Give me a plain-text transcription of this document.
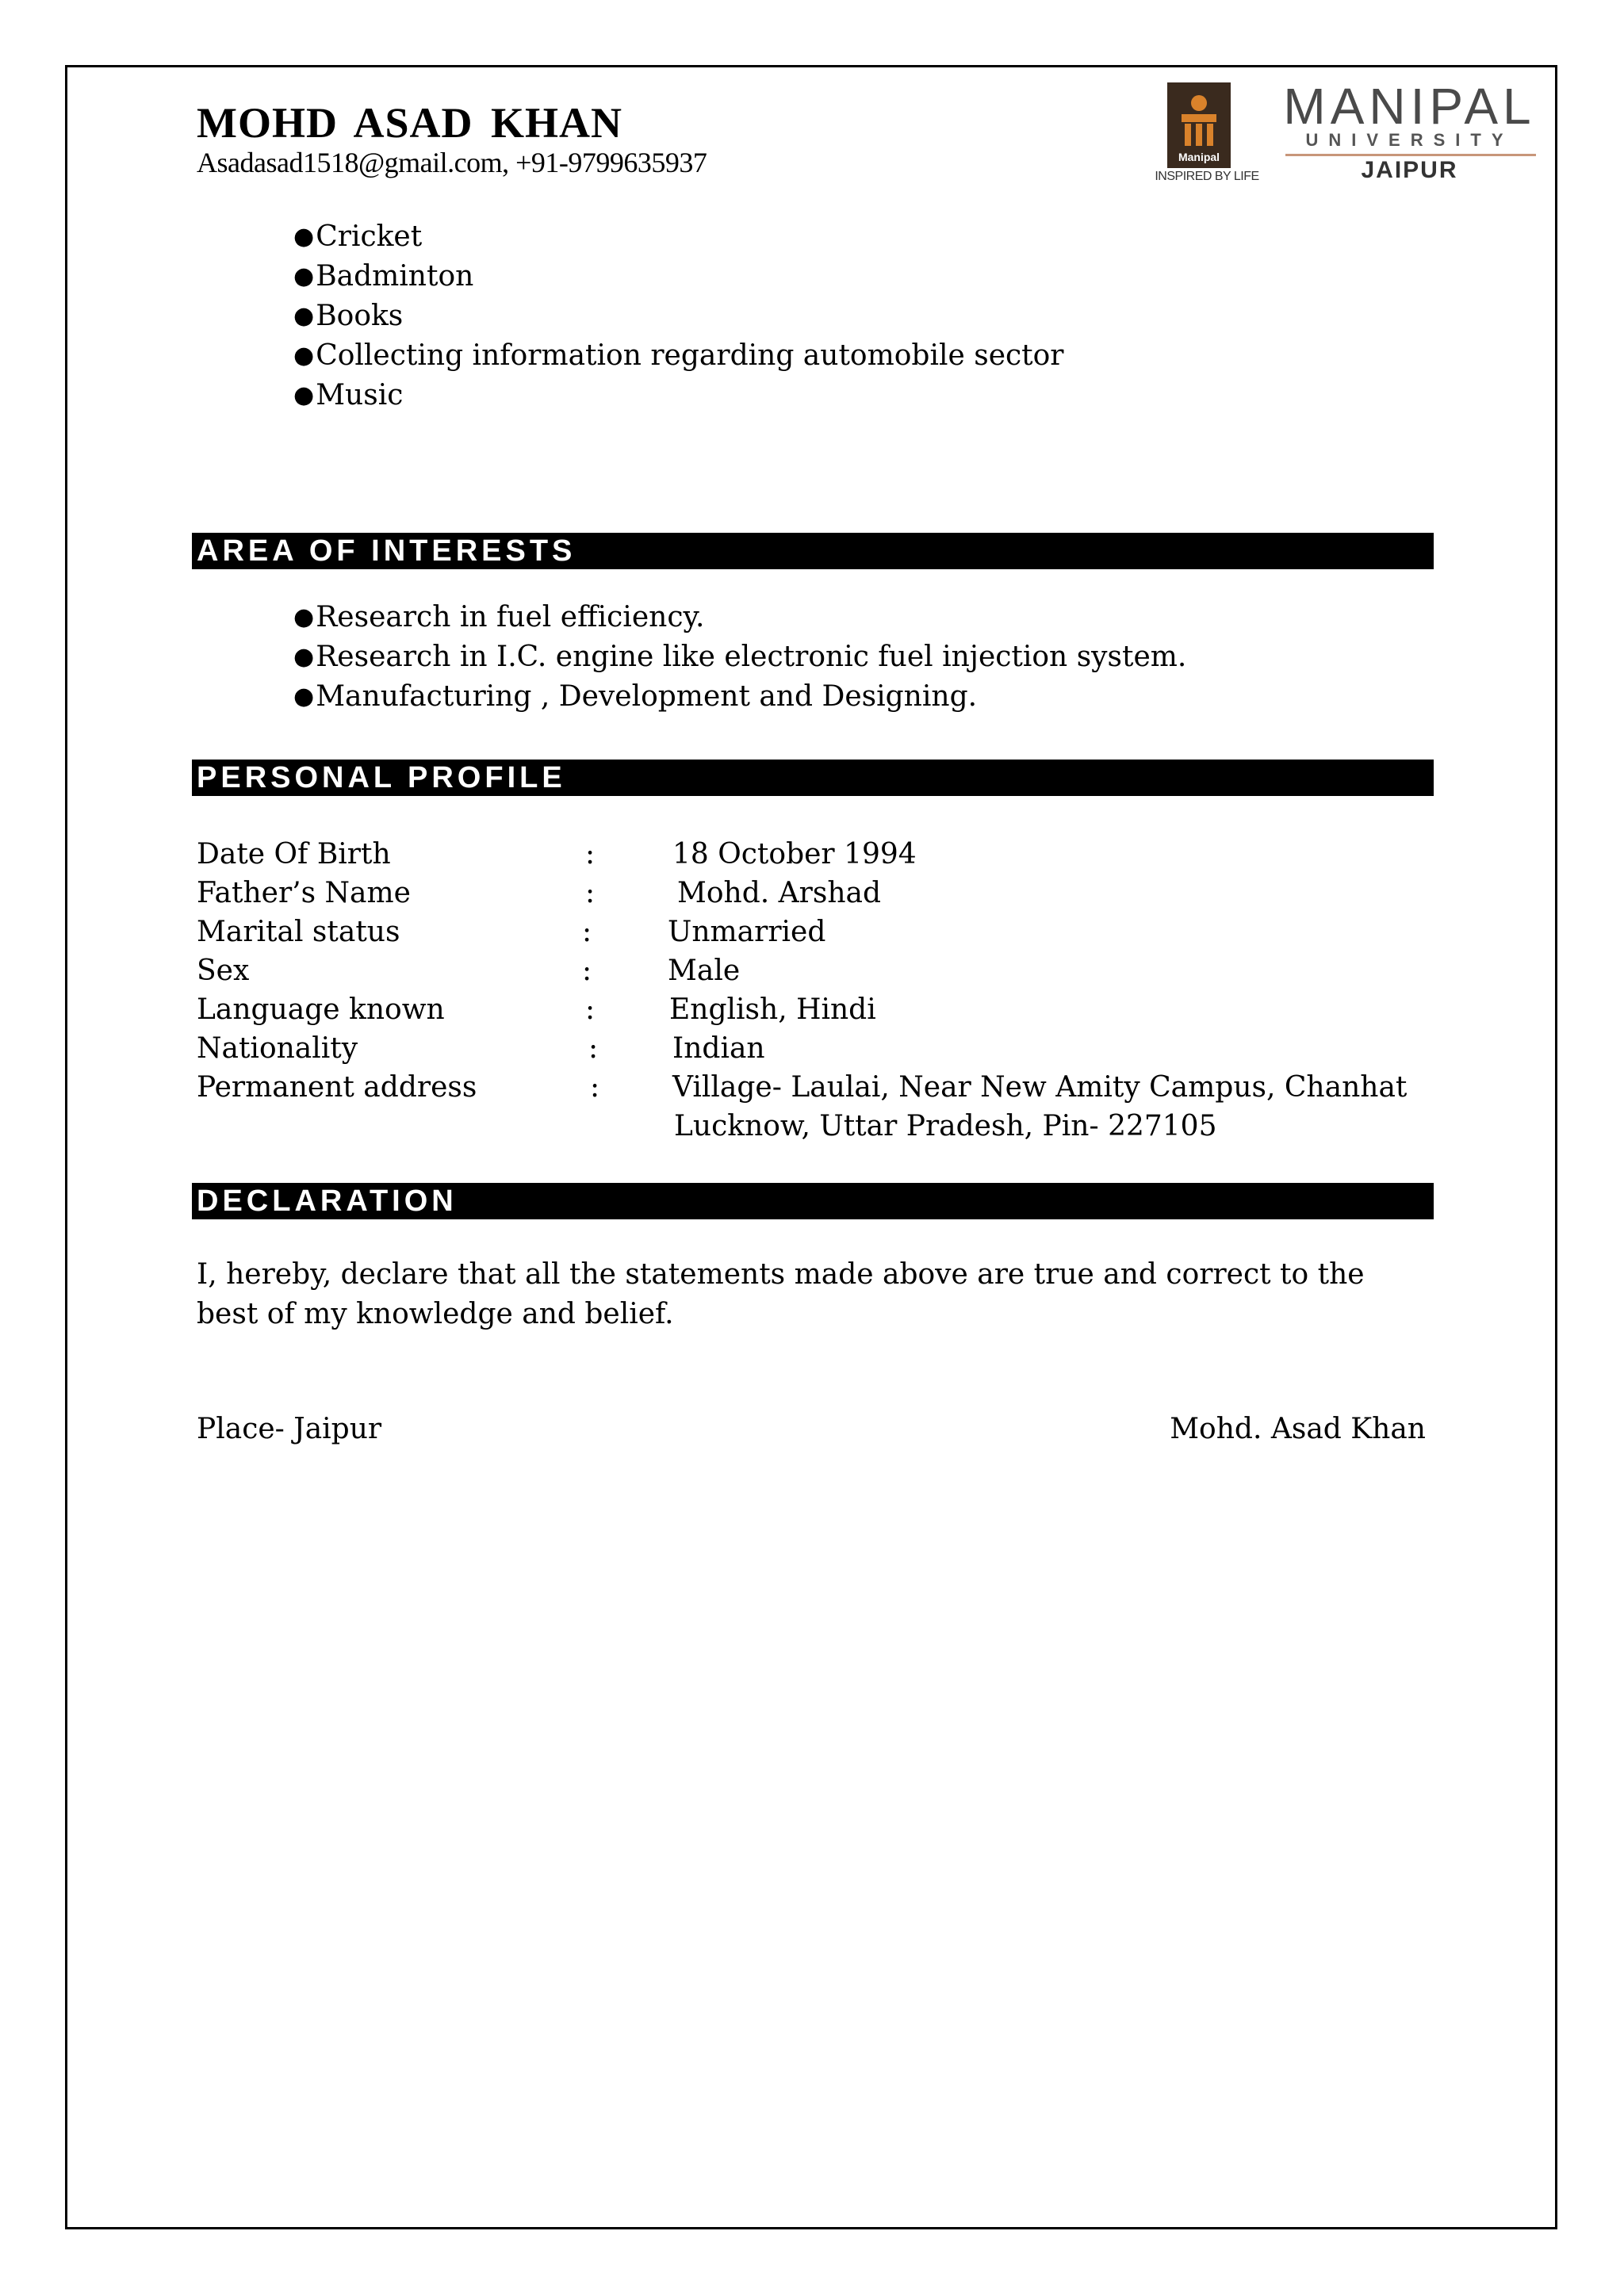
MOHD ASAD KHAN
Asadasad1518@gmail.com, +91-9799635937	Manipal
INSPIRED BY LIFE
MANIPAL
UNIVERSITY
JAIPUR
●Cricket
●Badminton
●Books
●Collecting information regarding automobile sector
●Music
AREA OF INTERESTS
●Research in fuel efficiency.
●Research in I.C. engine like electronic fuel injection system.
●Manufacturing , Development and Designing.
PERSONAL PROFILE
Date Of Birth	:	18 October 1994
Father’s Name	:	Mohd. Arshad
Marital status	:	Unmarried
Sex	:	Male
Language known	:	English, Hindi
Nationality	:	Indian
Permanent address	:	Village- Laulai, Near New Amity Campus, Chanhat
Lucknow, Uttar Pradesh, Pin- 227105
DECLARATION
I, hereby, declare that all the statements made above are true and correct to the best of my knowledge and belief.
Place- Jaipur	Mohd. Asad Khan
